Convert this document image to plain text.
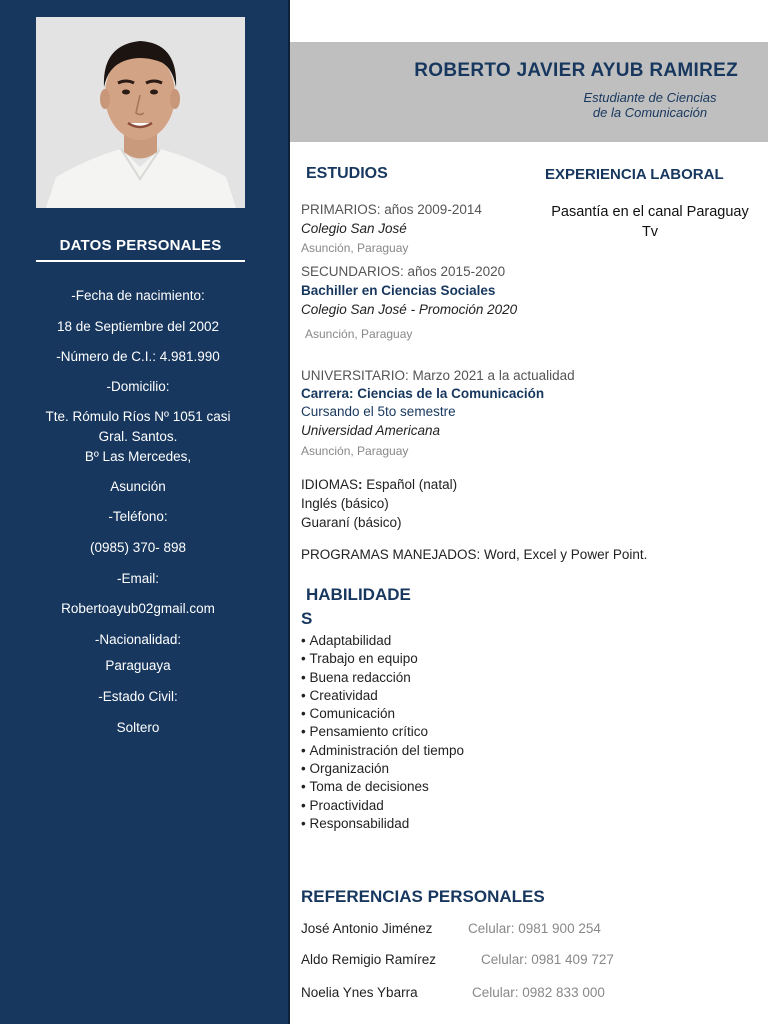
DATOS PERSONALES
-Fecha de nacimiento:
18 de Septiembre del 2002
-Número de C.I.: 4.981.990
-Domicilio:
Tte. Rómulo Ríos Nº 1051 casi
Gral. Santos.
Bº Las Mercedes,
Asunción
-Teléfono:
(0985) 370- 898
-Email:
Robertoayub02gmail.com
-Nacionalidad:
Paraguaya
-Estado Civil:
Soltero
ROBERTO JAVIER AYUB RAMIREZ
Estudiante de Ciencias
de la Comunicación
ESTUDIOS
PRIMARIOS: años 2009-2014
Colegio San José
Asunción, Paraguay
SECUNDARIOS: años 2015-2020
Bachiller en Ciencias Sociales
Colegio San José - Promoción 2020
Asunción, Paraguay
UNIVERSITARIO: Marzo 2021 a la actualidad
Carrera: Ciencias de la Comunicación
Cursando el 5to semestre
Universidad Americana
Asunción, Paraguay
IDIOMAS: Español (natal)
Inglés (básico)
Guaraní (básico)
PROGRAMAS MANEJADOS: Word, Excel y Power Point.
EXPERIENCIA LABORAL
Pasantía en el canal Paraguay
Tv
HABILIDADE
S
• Adaptabilidad
• Trabajo en equipo
• Buena redacción
• Creatividad
• Comunicación
• Pensamiento crítico
• Administración del tiempo
• Organización
• Toma de decisiones
• Proactividad
• Responsabilidad
REFERENCIAS PERSONALES
José Antonio Jiménez	Celular: 0981 900 254
Aldo Remigio Ramírez	Celular: 0981 409 727
Noelia Ynes Ybarra	Celular: 0982 833 000
